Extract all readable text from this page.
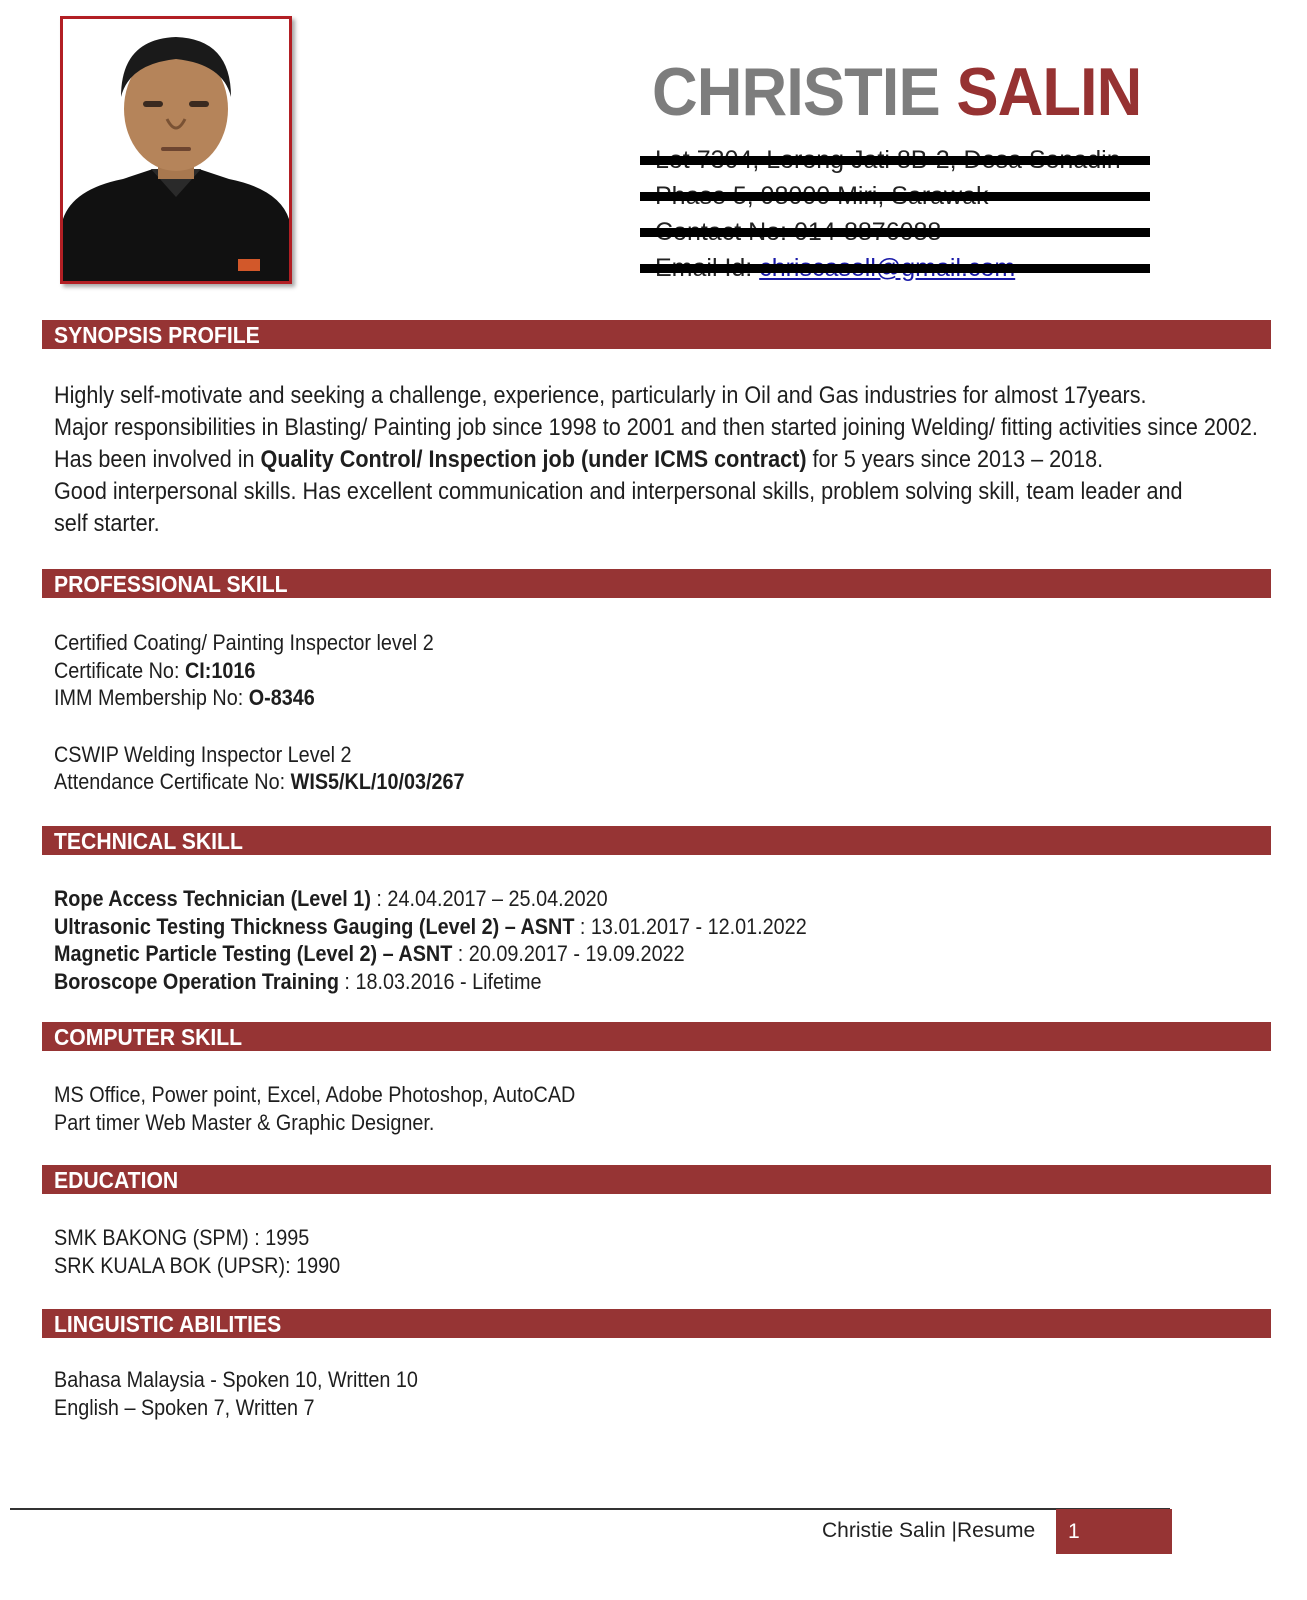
CHRISTIE SALIN
SYNOPSIS PROFILE
Highly self-motivate and seeking a challenge, experience, particularly in Oil and Gas industries for almost 17years.
Major responsibilities in Blasting/ Painting job since 1998 to 2001 and then started joining Welding/ fitting activities since 2002.
Has been involved in Quality Control/ Inspection job (under ICMS contract) for 5 years since 2013 – 2018.
Good interpersonal skills. Has excellent communication and interpersonal skills, problem solving skill, team leader and
self starter.
PROFESSIONAL SKILL
Certified Coating/ Painting Inspector level 2
Certificate No: CI:1016
IMM Membership No: O-8346
CSWIP Welding Inspector Level 2
Attendance Certificate No: WIS5/KL/10/03/267
TECHNICAL SKILL
Rope Access Technician (Level 1) : 24.04.2017 – 25.04.2020
Ultrasonic Testing Thickness Gauging (Level 2) – ASNT : 13.01.2017 - 12.01.2022
Magnetic Particle Testing (Level 2) – ASNT : 20.09.2017 - 19.09.2022
Boroscope Operation Training : 18.03.2016 - Lifetime
COMPUTER SKILL
MS Office, Power point, Excel, Adobe Photoshop, AutoCAD
Part timer Web Master & Graphic Designer.
EDUCATION
SMK BAKONG (SPM) : 1995
SRK KUALA BOK (UPSR): 1990
LINGUISTIC ABILITIES
Bahasa Malaysia - Spoken 10, Written 10
English – Spoken 7, Written 7
Christie Salin |Resume 1
